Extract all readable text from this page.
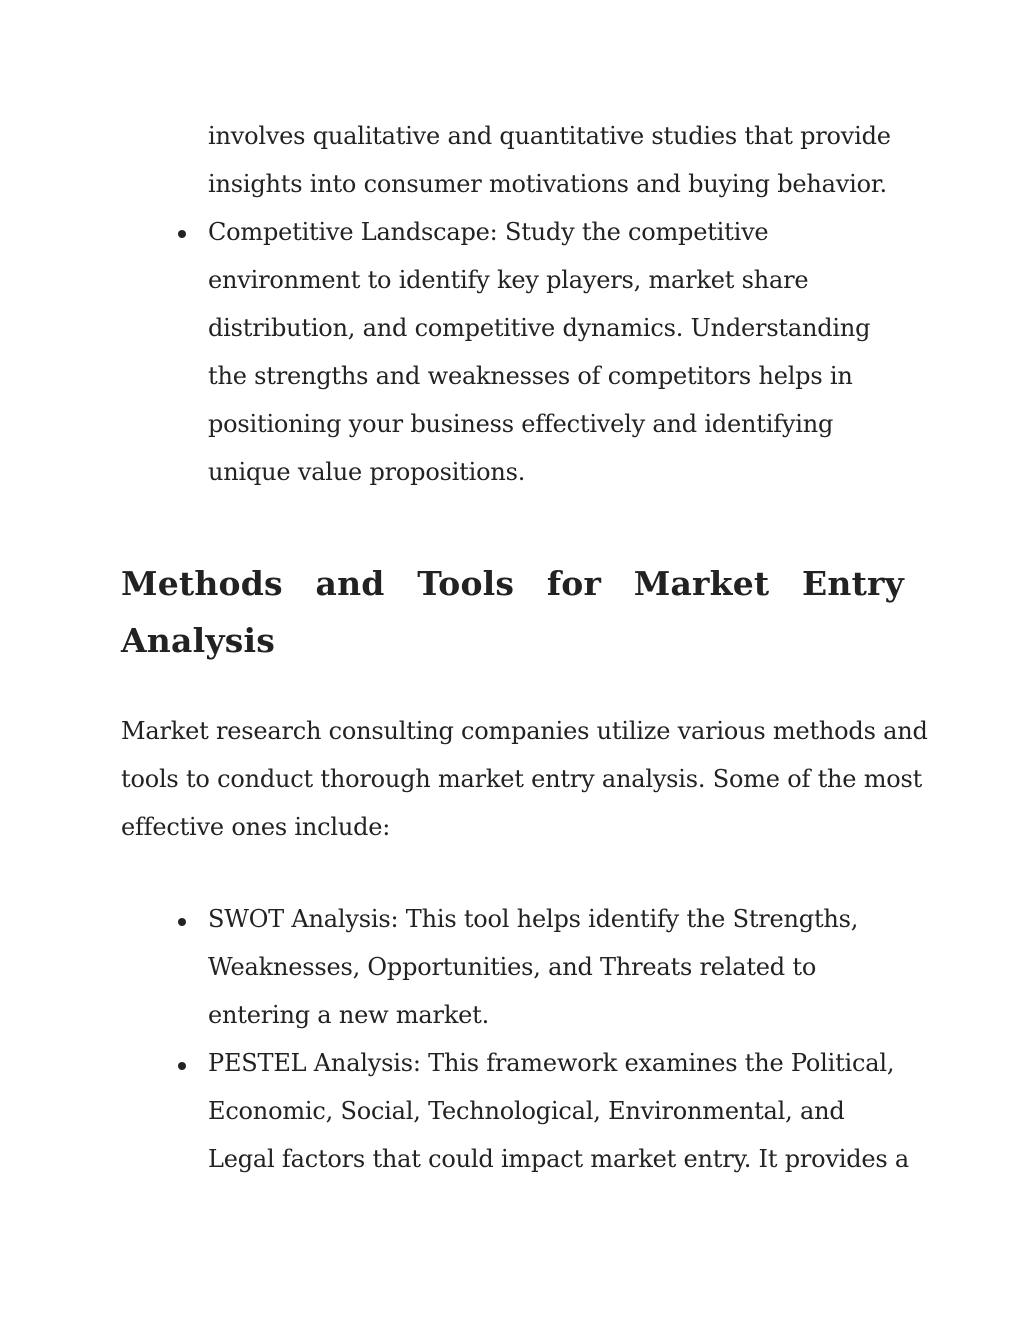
involves qualitative and quantitative studies that provide
insights into consumer motivations and buying behavior.
Competitive Landscape: Study the competitive
environment to identify key players, market share
distribution, and competitive dynamics. Understanding
the strengths and weaknesses of competitors helps in
positioning your business effectively and identifying
unique value propositions.
Methods and Tools for Market Entry
Analysis
Market research consulting companies utilize various methods and
tools to conduct thorough market entry analysis. Some of the most
effective ones include:
SWOT Analysis: This tool helps identify the Strengths,
Weaknesses, Opportunities, and Threats related to
entering a new market.
PESTEL Analysis: This framework examines the Political,
Economic, Social, Technological, Environmental, and
Legal factors that could impact market entry. It provides a
